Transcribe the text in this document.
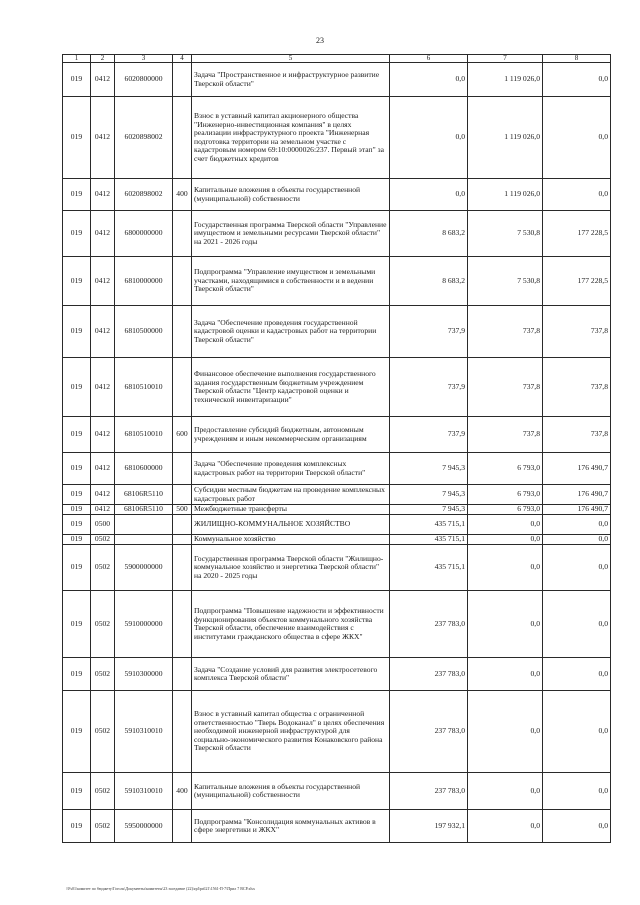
23
1	2	3	4	5	6	7	8
019	0412	6020800000		Задача "Пространственное и инфраструктурное развитие Тверской области"	0,0	1 119 026,0	0,0
019	0412	6020898002		Взнос в уставный капитал акционерного общества "Инженерно-инвестиционная компания" в целях реализации инфраструктурного проекта "Инженерная подготовка территории на земельном участке с кадастровым номером 69:10:0000026:237. Первый этап" за счет бюджетных кредитов	0,0	1 119 026,0	0,0
019	0412	6020898002	400	Капитальные вложения в объекты государственной (муниципальной) собственности	0,0	1 119 026,0	0,0
019	0412	6800000000		Государственная программа Тверской области "Управление имуществом и земельными ресурсами Тверской области" на 2021 - 2026 годы	8 683,2	7 530,8	177 228,5
019	0412	6810000000		Подпрограмма "Управление имуществом и земельными участками, находящимися в собственности и в ведении Тверской области"	8 683,2	7 530,8	177 228,5
019	0412	6810500000		Задача "Обеспечение проведения государственной кадастровой оценки и кадастровых работ на территории Тверской области"	737,9	737,8	737,8
019	0412	6810510010		Финансовое обеспечение выполнения государственного задания государственным бюджетным учреждением Тверской области "Центр кадастровой оценки и технической инвентаризации"	737,9	737,8	737,8
019	0412	6810510010	600	Предоставление субсидий бюджетным, автономным учреждениям и иным некоммерческим организациям	737,9	737,8	737,8
019	0412	6810600000		Задача "Обеспечение проведения комплексных кадастровых работ на территории Тверской области"	7 945,3	6 793,0	176 490,7
019	0412	68106R5110		Субсидии местным бюджетам на проведение комплексных кадастровых работ	7 945,3	6 793,0	176 490,7
019	0412	68106R5110	500	Межбюджетные трансферты	7 945,3	6 793,0	176 490,7
019	0500			ЖИЛИЩНО-КОММУНАЛЬНОЕ ХОЗЯЙСТВО	435 715,1	0,0	0,0
019	0502			Коммунальное хозяйство	435 715,1	0,0	0,0
019	0502	5900000000		Государственная программа Тверской области "Жилищно-коммунальное хозяйство и энергетика Тверской области" на 2020 - 2025 годы	435 715,1	0,0	0,0
019	0502	5910000000		Подпрограмма "Повышение надежности и эффективности функционирования объектов коммунального хозяйства Тверской области, обеспечение взаимодействия с институтами гражданского общества в сфере ЖКХ"	237 783,0	0,0	0,0
019	0502	5910300000		Задача "Создание условий для развития электросетевого комплекса Тверской области"	237 783,0	0,0	0,0
019	0502	5910310010		Взнос в уставный капитал общества с ограниченной ответственностью "Тверь Водоканал" в целях обеспечения необходимой инженерной инфраструктурой для социально-экономического развития Конаковского района Тверской области	237 783,0	0,0	0,0
019	0502	5910310010	400	Капитальные вложения в объекты государственной (муниципальной) собственности	237 783,0	0,0	0,0
019	0502	5950000000		Подпрограмма "Консолидация коммунальных активов в сфере энергетики и ЖКХ"	197 932,1	0,0	0,0
\\Fs01\комитет по бюджету\Гоголь\Документы\комитеты\23 заседание (22)\zpl\pril21\1561-П-7\Прил 7 ВСР.xlsx
